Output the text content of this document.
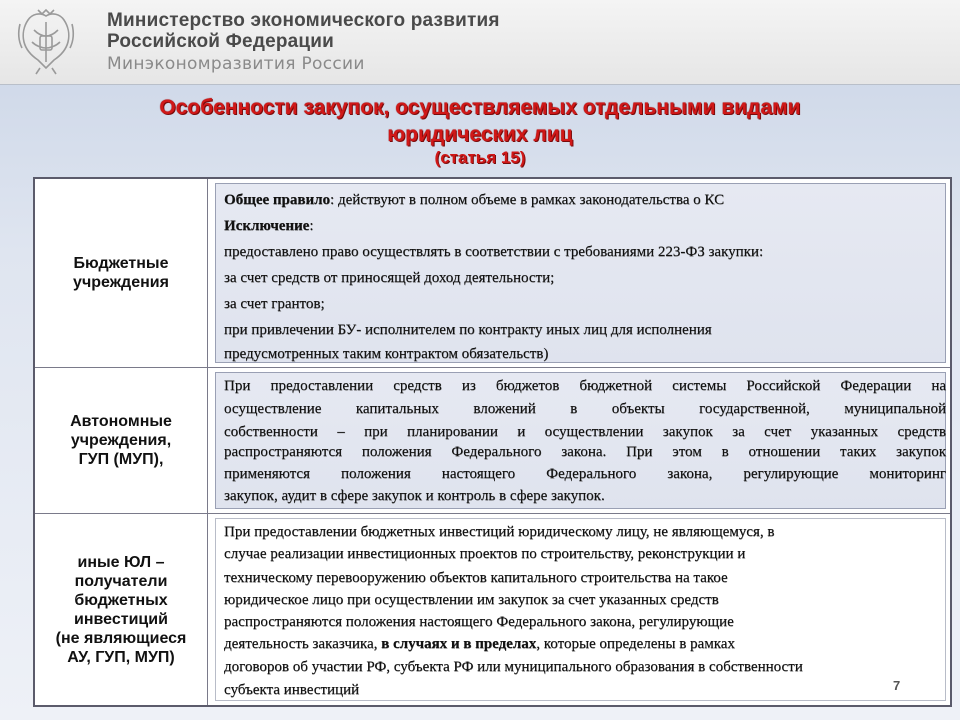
Министерство экономического развития
Российской Федерации
Минэкономразвития России
Особенности закупок, осуществляемых отдельными видами
юридических лиц
(статья 15)
Бюджетные
учреждения
Общее правило: действуют в полном объеме в рамках законодательства о КС
Исключение:
предоставлено право осуществлять в соответствии с требованиями 223-ФЗ закупки:
за счет средств от приносящей доход деятельности;
за счет грантов;
при привлечении БУ- исполнителем по контракту иных лиц для исполнения
предусмотренных таким контрактом обязательств)
Автономные
учреждения,
ГУП (МУП),
При предоставлении средств из бюджетов бюджетной системы Российской Федерации на
осуществление капитальных вложений в объекты государственной, муниципальной
собственности – при планировании и осуществлении закупок за счет указанных средств
распространяются положения Федерального закона. При этом в отношении таких закупок
применяются положения настоящего Федерального закона, регулирующие мониторинг
закупок, аудит в сфере закупок и контроль в сфере закупок.
иные ЮЛ –
получатели
бюджетных
инвестиций
(не являющиеся
АУ, ГУП, МУП)
При предоставлении бюджетных инвестиций юридическому лицу, не являющемуся, в
случае реализации инвестиционных проектов по строительству, реконструкции и
техническому перевооружению объектов капитального строительства на такое
юридическое лицо при осуществлении им закупок за счет указанных средств
распространяются положения настоящего Федерального закона, регулирующие
деятельность заказчика, в случаях и в пределах, которые определены в рамках
договоров об участии РФ, субъекта РФ или муниципального образования в собственности
субъекта инвестиций	7
